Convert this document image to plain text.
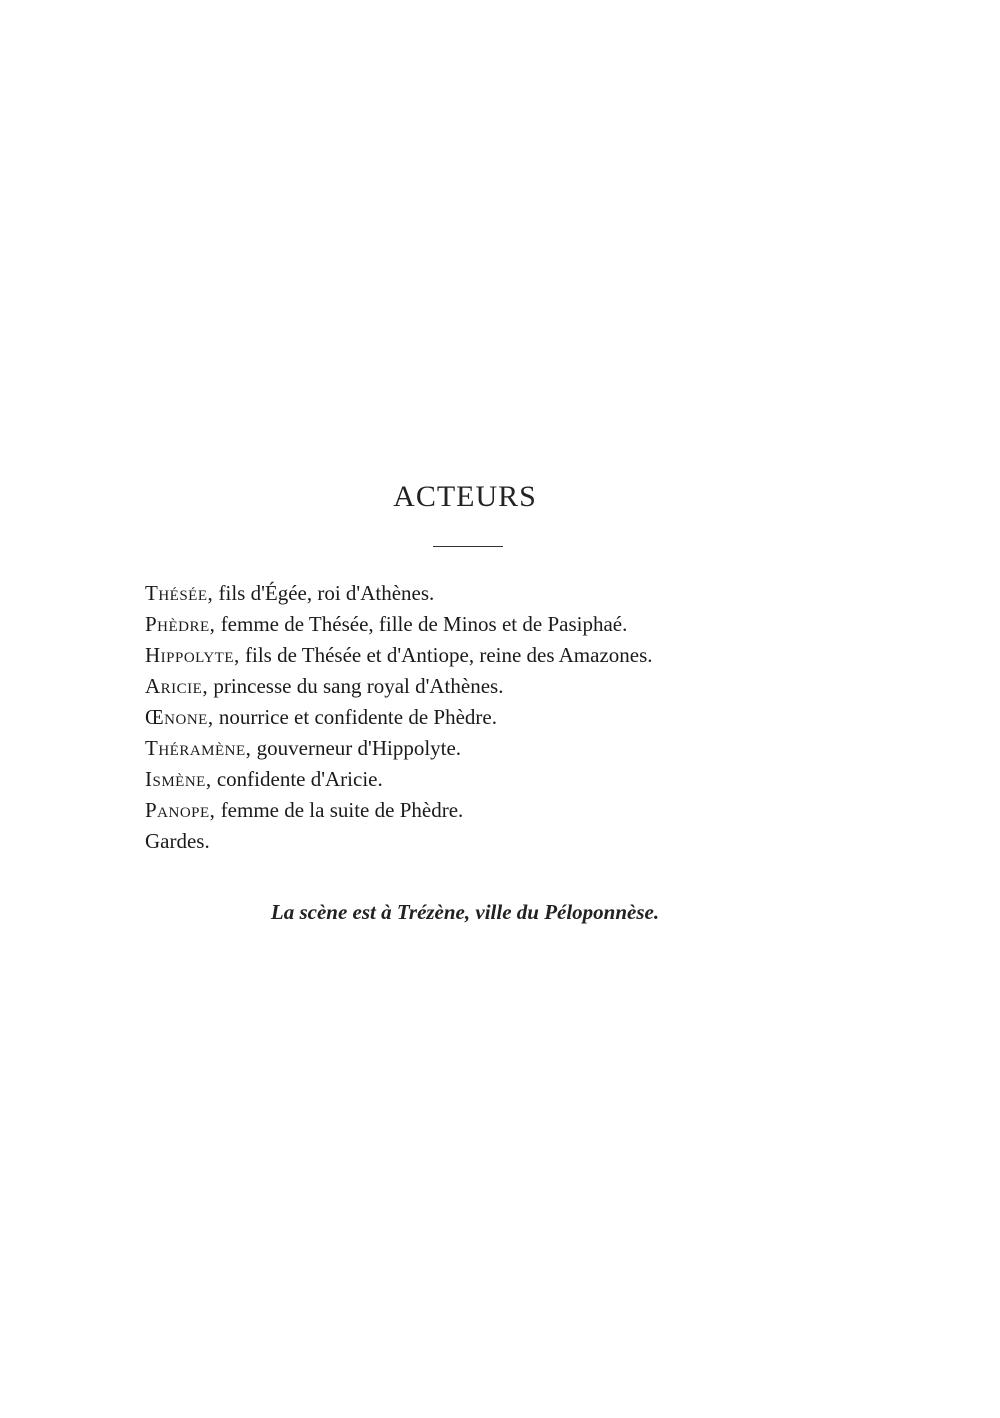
ACTEURS
Thésée, fils d'Égée, roi d'Athènes.
Phèdre, femme de Thésée, fille de Minos et de Pasiphaé.
Hippolyte, fils de Thésée et d'Antiope, reine des Amazones.
Aricie, princesse du sang royal d'Athènes.
Œnone, nourrice et confidente de Phèdre.
Théramène, gouverneur d'Hippolyte.
Ismène, confidente d'Aricie.
Panope, femme de la suite de Phèdre.
Gardes.

La scène est à Trézène, ville du Péloponnèse.
